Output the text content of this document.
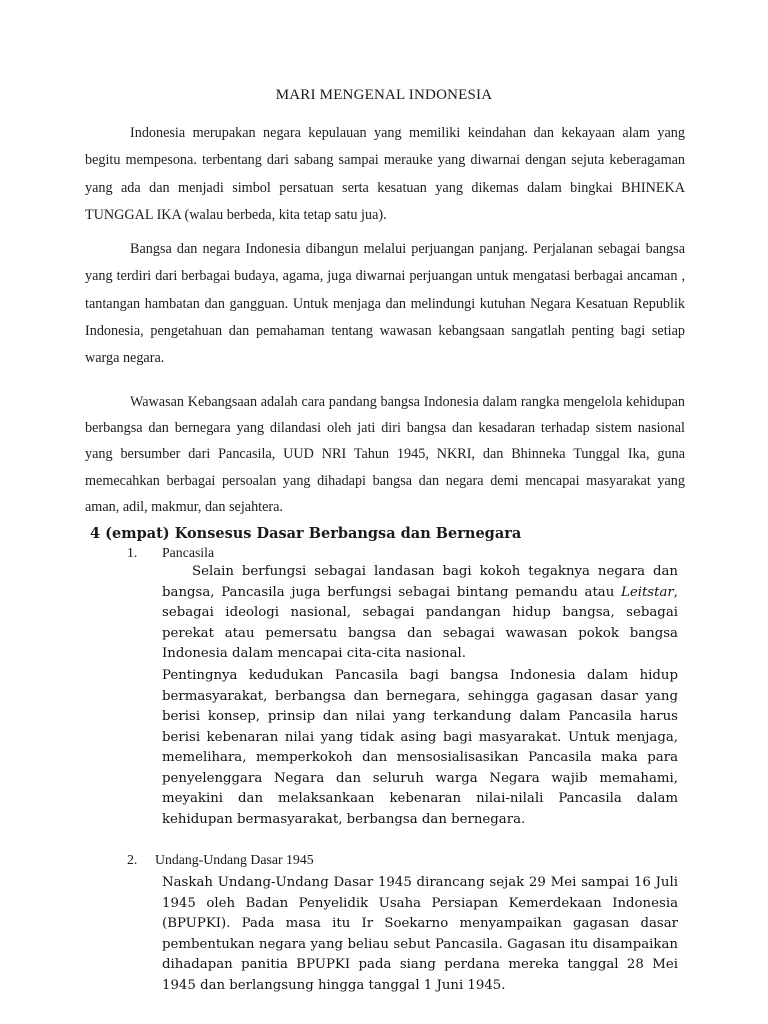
MARI MENGENAL INDONESIA

Indonesia merupakan negara kepulauan yang memiliki keindahan dan kekayaan alam yang begitu mempesona. terbentang dari sabang sampai merauke yang diwarnai dengan sejuta keberagaman yang ada dan menjadi simbol persatuan serta kesatuan yang dikemas dalam bingkai BHINEKA TUNGGAL IKA (walau berbeda, kita tetap satu jua).

Bangsa dan negara Indonesia dibangun melalui perjuangan panjang. Perjalanan sebagai bangsa yang terdiri dari berbagai budaya, agama, juga diwarnai perjuangan untuk mengatasi berbagai ancaman , tantangan hambatan dan gangguan. Untuk menjaga dan melindungi kutuhan Negara Kesatuan Republik Indonesia, pengetahuan dan pemahaman tentang wawasan kebangsaan sangatlah penting bagi setiap warga negara.

Wawasan Kebangsaan adalah cara pandang bangsa Indonesia dalam rangka mengelola kehidupan berbangsa dan bernegara yang dilandasi oleh jati diri bangsa dan kesadaran terhadap sistem nasional yang bersumber dari Pancasila, UUD NRI Tahun 1945, NKRI, dan Bhinneka Tunggal Ika, guna memecahkan berbagai persoalan yang dihadapi bangsa dan negara demi mencapai masyarakat yang aman, adil, makmur, dan sejahtera.

4 (empat) Konsesus Dasar Berbangsa dan Bernegara
1. Pancasila

Selain berfungsi sebagai landasan bagi kokoh tegaknya negara dan bangsa, Pancasila juga berfungsi sebagai bintang pemandu atau Leitstar, sebagai ideologi nasional, sebagai pandangan hidup bangsa, sebagai perekat atau pemersatu bangsa dan sebagai wawasan pokok bangsa Indonesia dalam mencapai cita-cita nasional.

Pentingnya kedudukan Pancasila bagi bangsa Indonesia dalam hidup bermasyarakat, berbangsa dan bernegara, sehingga gagasan dasar yang berisi konsep, prinsip dan nilai yang terkandung dalam Pancasila harus berisi kebenaran nilai yang tidak asing bagi masyarakat. Untuk menjaga, memelihara, memperkokoh dan mensosialisasikan Pancasila maka para penyelenggara Negara dan seluruh warga Negara wajib memahami, meyakini dan melaksankaan kebenaran nilai-nilali Pancasila dalam kehidupan bermasyarakat, berbangsa dan bernegara.

2. Undang-Undang Dasar 1945

Naskah Undang-Undang Dasar 1945 dirancang sejak 29 Mei sampai 16 Juli 1945 oleh Badan Penyelidik Usaha Persiapan Kemerdekaan Indonesia (BPUPKI). Pada masa itu Ir Soekarno menyampaikan gagasan dasar pembentukan negara yang beliau sebut Pancasila. Gagasan itu disampaikan dihadapan panitia BPUPKI pada siang perdana mereka tanggal 28 Mei 1945 dan berlangsung hingga tanggal 1 Juni 1945.
